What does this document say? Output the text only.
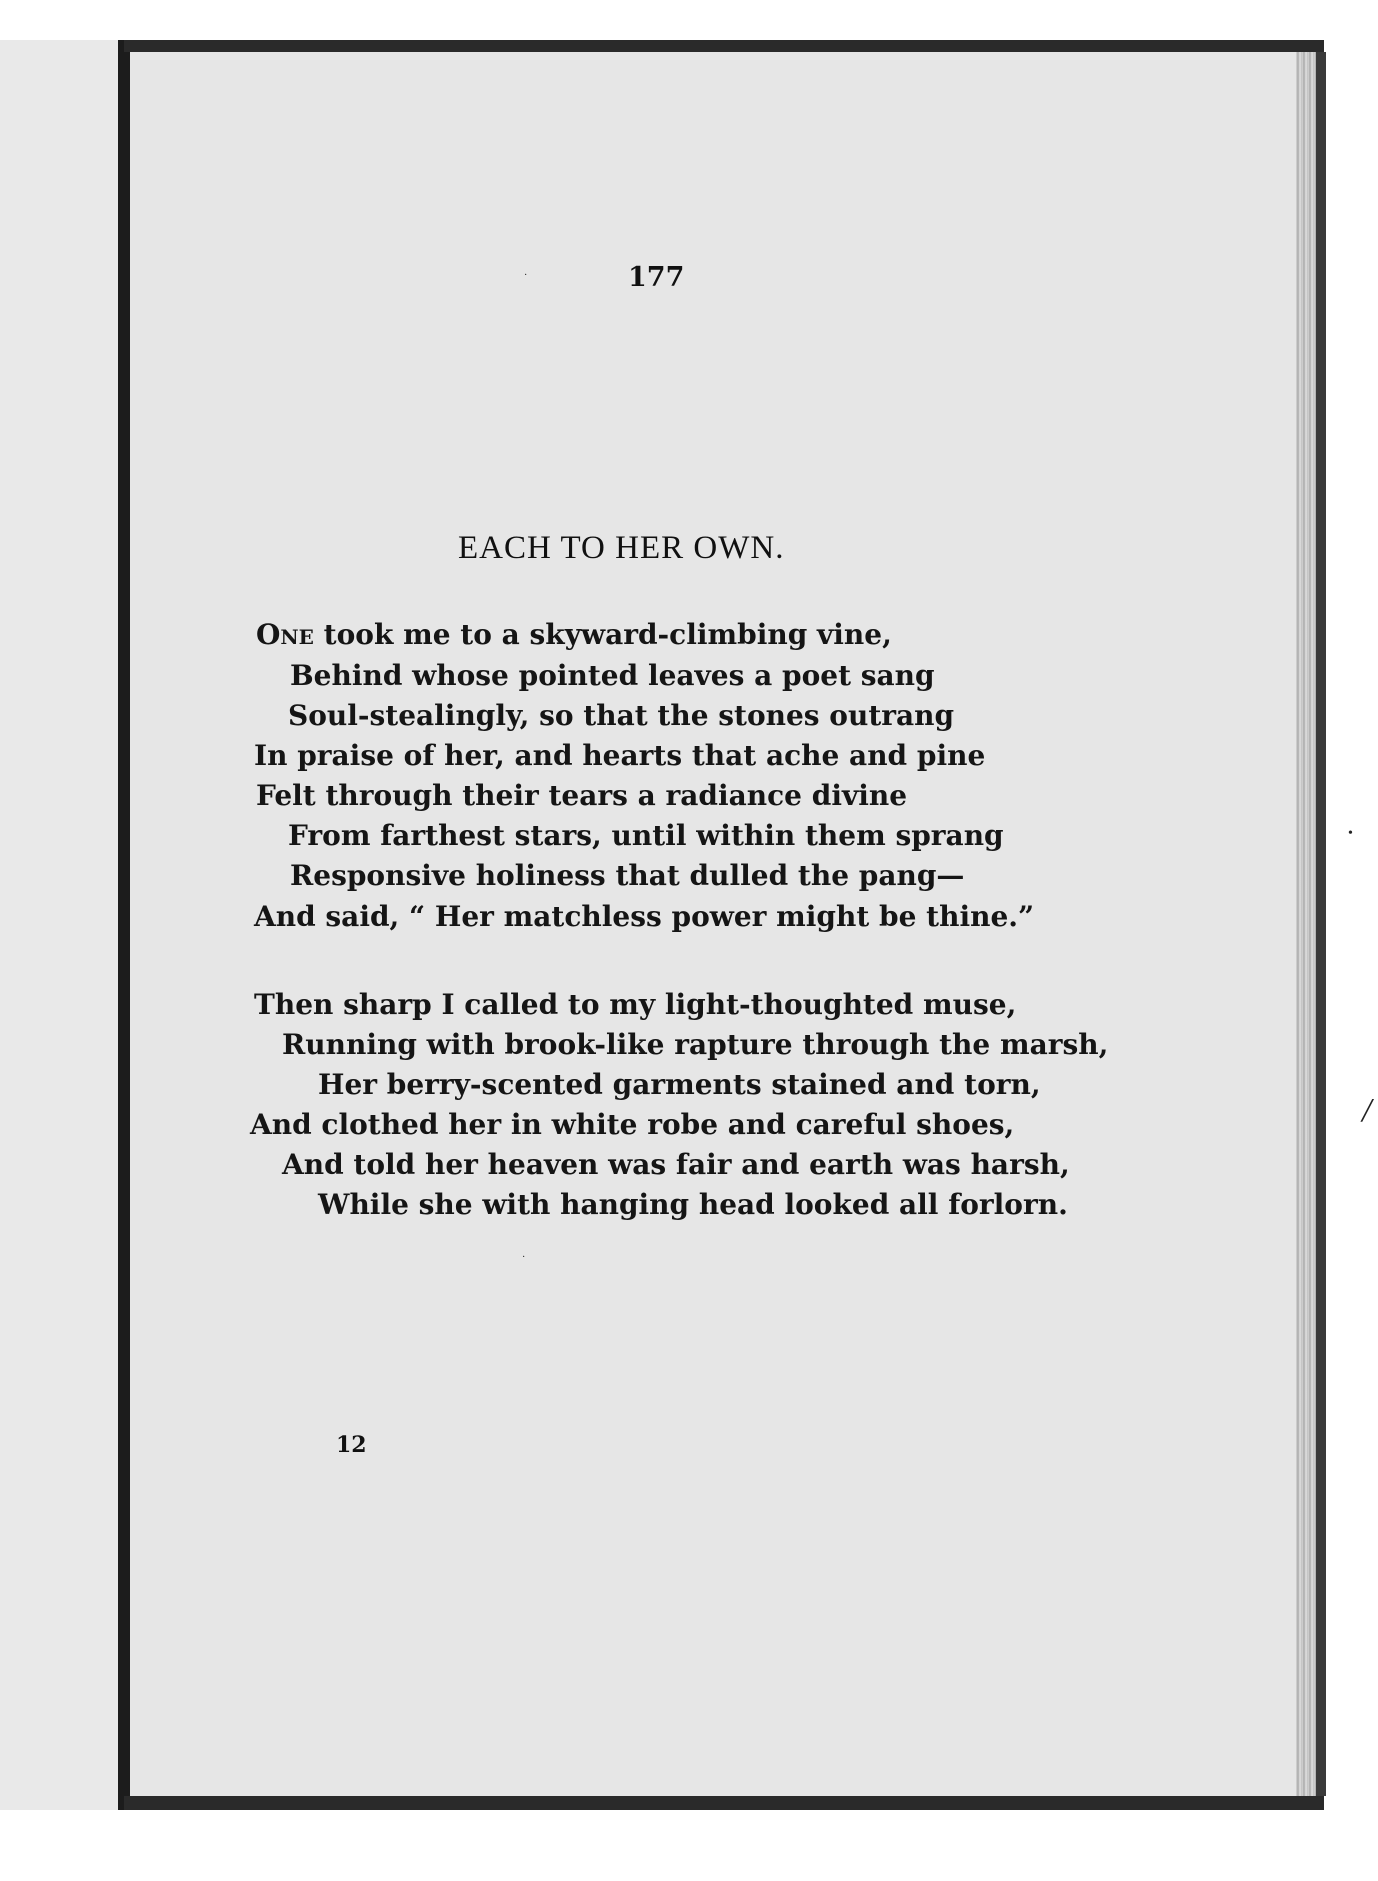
·
·
•
/
177
EACH TO HER OWN.
One took me to a skyward-climbing vine,
Behind whose pointed leaves a poet sang
Soul-stealingly, so that the stones outrang
In praise of her, and hearts that ache and pine
Felt through their tears a radiance divine
From farthest stars, until within them sprang
Responsive holiness that dulled the pang—
And said, “ Her matchless power might be thine.”
Then sharp I called to my light-thoughted muse,
Running with brook-like rapture through the marsh,
Her berry-scented garments stained and torn,
And clothed her in white robe and careful shoes,
And told her heaven was fair and earth was harsh,
While she with hanging head looked all forlorn.
12
